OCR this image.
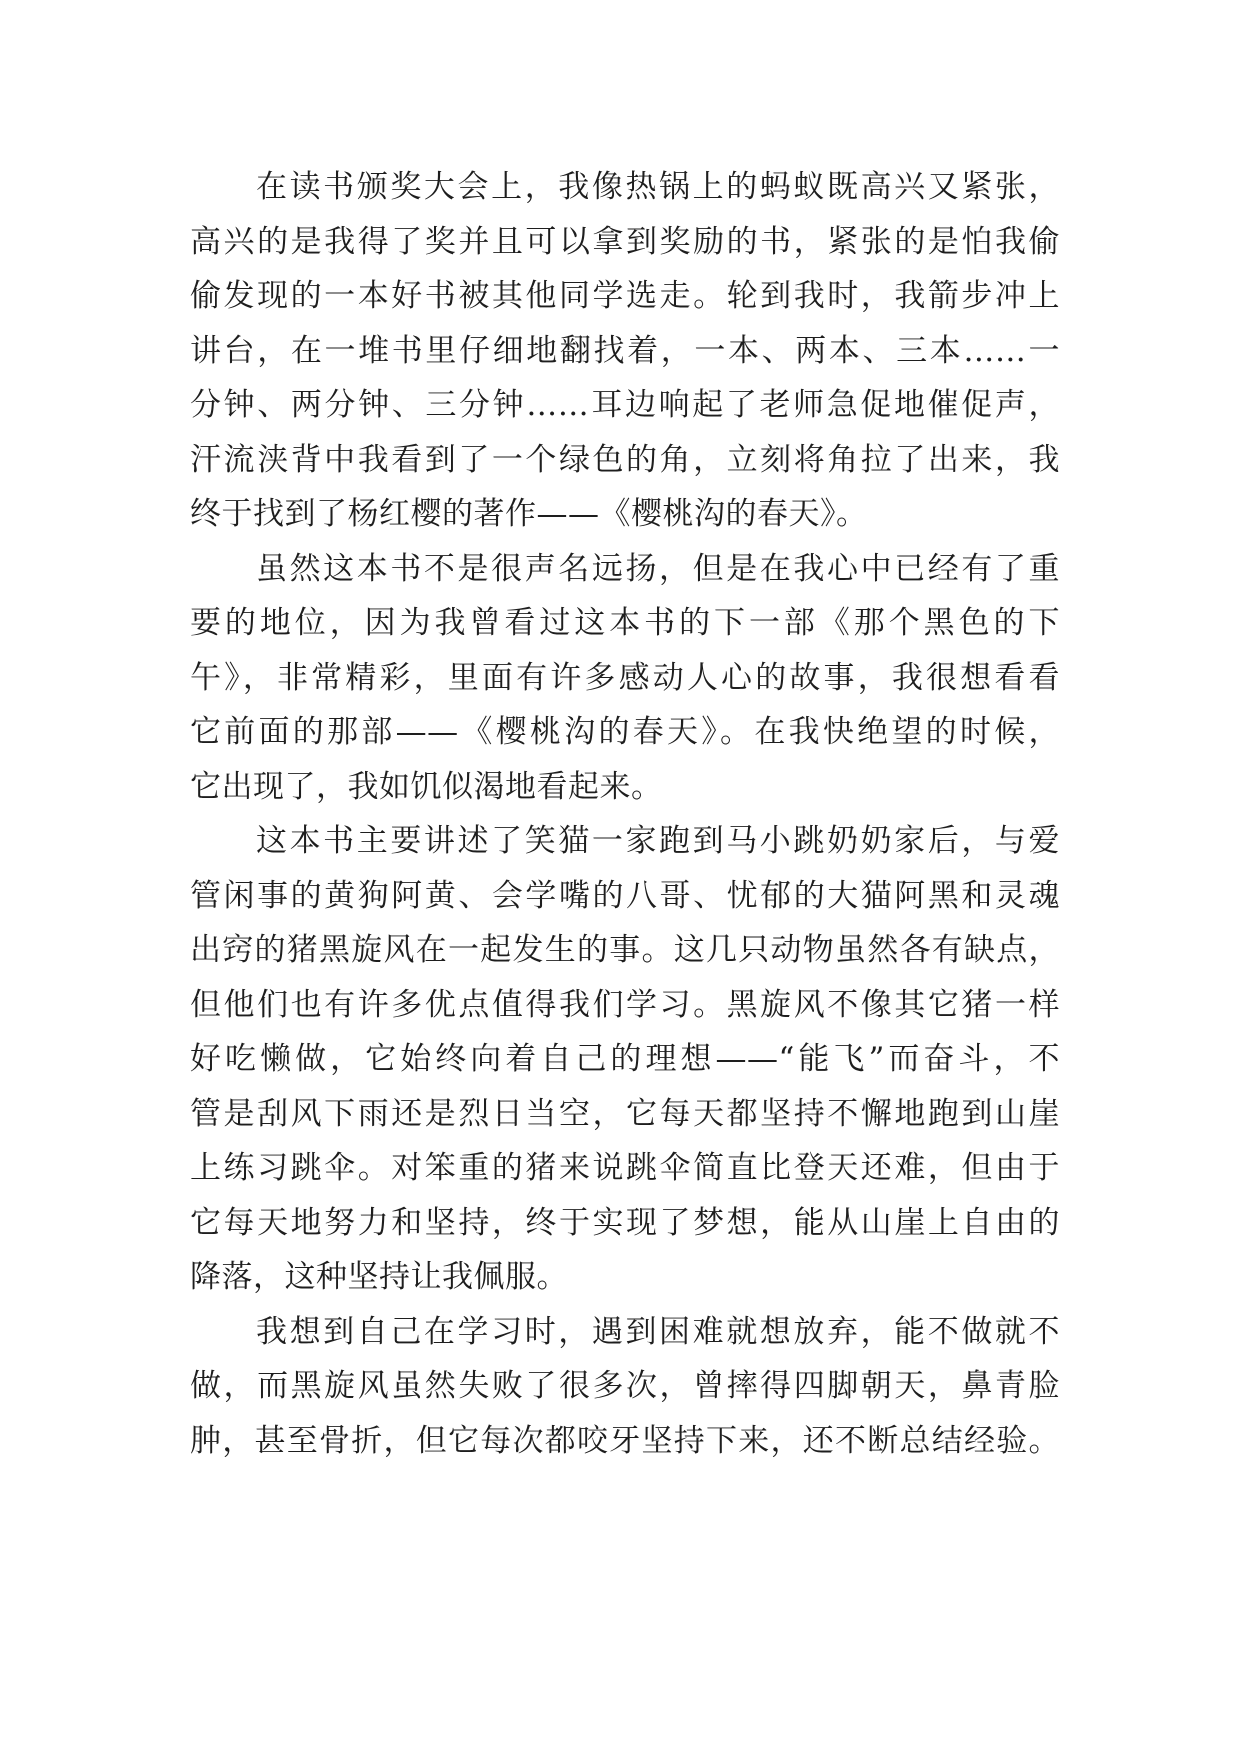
在读书颁奖大会上，我像热锅上的蚂蚁既高兴又紧张，
高兴的是我得了奖并且可以拿到奖励的书，紧张的是怕我偷
偷发现的一本好书被其他同学选走。轮到我时，我箭步冲上
讲台，在一堆书里仔细地翻找着，一本、两本、三本……一
分钟、两分钟、三分钟……耳边响起了老师急促地催促声，
汗流浃背中我看到了一个绿色的角，立刻将角拉了出来，我
终于找到了杨红樱的著作——《樱桃沟的春天》。
虽然这本书不是很声名远扬，但是在我心中已经有了重
要的地位，因为我曾看过这本书的下一部《那个黑色的下
午》，非常精彩，里面有许多感动人心的故事，我很想看看
它前面的那部——《樱桃沟的春天》。在我快绝望的时候，
它出现了，我如饥似渴地看起来。
这本书主要讲述了笑猫一家跑到马小跳奶奶家后，与爱
管闲事的黄狗阿黄、会学嘴的八哥、忧郁的大猫阿黑和灵魂
出窍的猪黑旋风在一起发生的事。这几只动物虽然各有缺点，
但他们也有许多优点值得我们学习。黑旋风不像其它猪一样
好吃懒做，它始终向着自己的理想——“能飞”而奋斗，不
管是刮风下雨还是烈日当空，它每天都坚持不懈地跑到山崖
上练习跳伞。对笨重的猪来说跳伞简直比登天还难，但由于
它每天地努力和坚持，终于实现了梦想，能从山崖上自由的
降落，这种坚持让我佩服。
我想到自己在学习时，遇到困难就想放弃，能不做就不
做，而黑旋风虽然失败了很多次，曾摔得四脚朝天，鼻青脸
肿，甚至骨折，但它每次都咬牙坚持下来，还不断总结经验。
